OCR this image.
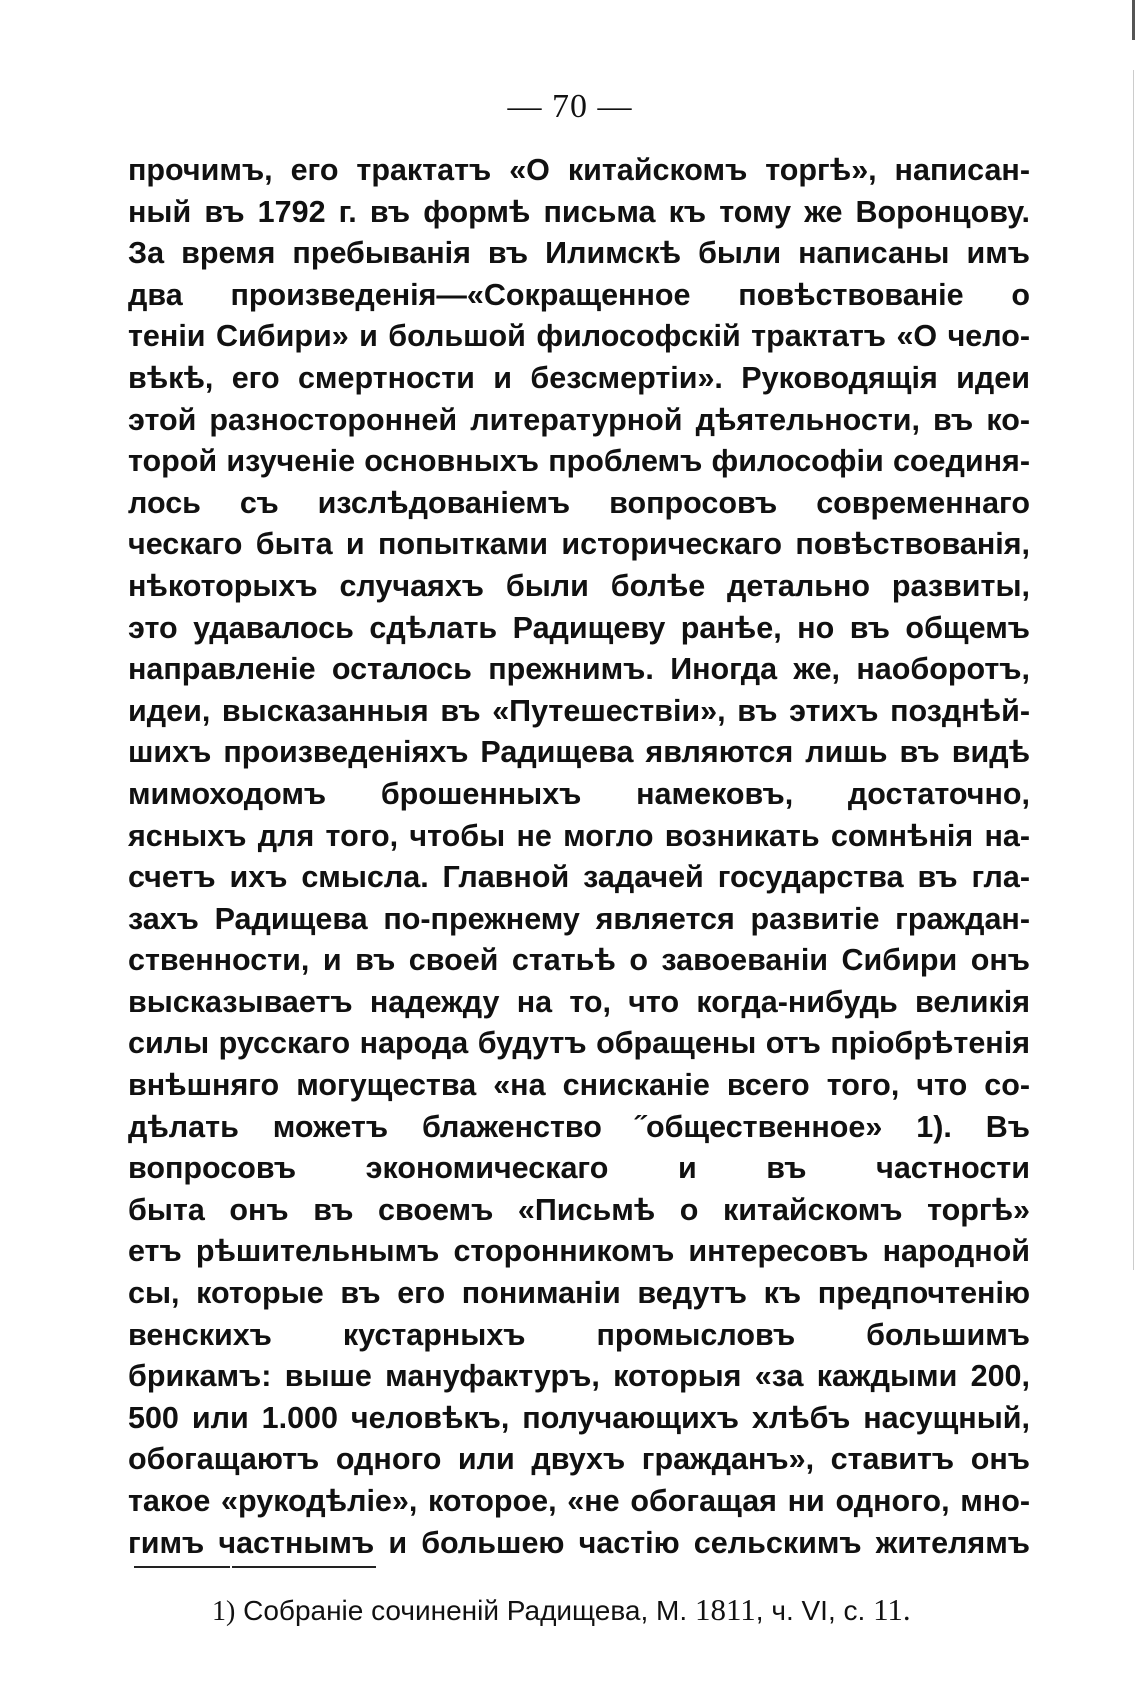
— 70 —
прочимъ, его трактатъ «О китайскомъ торгѣ», написан-
ный въ 1792 г. въ формѣ письма къ тому же Воронцову.
За время пребыванія въ Илимскѣ были написаны имъ
два произведенія—«Сокращенное повѣствованіе о
теніи Сибири» и большой философскій трактатъ «О чело-
вѣкѣ, его смертности и безсмертіи». Руководящія идеи
этой разносторонней литературной дѣятельности, въ ко-
торой изученіе основныхъ проблемъ философіи соединя-
лось съ изслѣдованіемъ вопросовъ современнаго
ческаго быта и попытками историческаго повѣствованія,
нѣкоторыхъ случаяхъ были болѣе детально развиты,
это удавалось сдѣлать Радищеву ранѣе, но въ общемъ
направленіе осталось прежнимъ. Иногда же, наоборотъ,
идеи, высказанныя въ «Путешествіи», въ этихъ позднѣй-
шихъ произведеніяхъ Радищева являются лишь въ видѣ
мимоходомъ брошенныхъ намековъ, достаточно,
ясныхъ для того, чтобы не могло возникать сомнѣнія на-
счетъ ихъ смысла. Главной задачей государства въ гла-
захъ Радищева по-прежнему является развитіе граждан-
ственности, и въ своей статьѣ о завоеваніи Сибири онъ
высказываетъ надежду на то, что когда-нибудь великія
силы русскаго народа будутъ обращены отъ пріобрѣтенія
внѣшняго могущества «на снисканіе всего того, что со-
дѣлать можетъ блаженство ˝общественное» 1). Въ
вопросовъ экономическаго и въ частности
быта онъ въ своемъ «Письмѣ о китайскомъ торгѣ»
етъ рѣшительнымъ сторонникомъ интересовъ народной
сы, которые въ его пониманіи ведутъ къ предпочтенію
венскихъ кустарныхъ промысловъ большимъ
брикамъ: выше мануфактуръ, которыя «за каждыми 200,
500 или 1.000 человѣкъ, получающихъ хлѣбъ насущный,
обогащаютъ одного или двухъ гражданъ», ставитъ онъ
такое «рукодѣліе», которое, «не обогащая ни одного, мно-
гимъ частнымъ и большею частію сельскимъ жителямъ
1) Собраніе сочиненій Радищева, М. 1811, ч. VI, с. 11.
